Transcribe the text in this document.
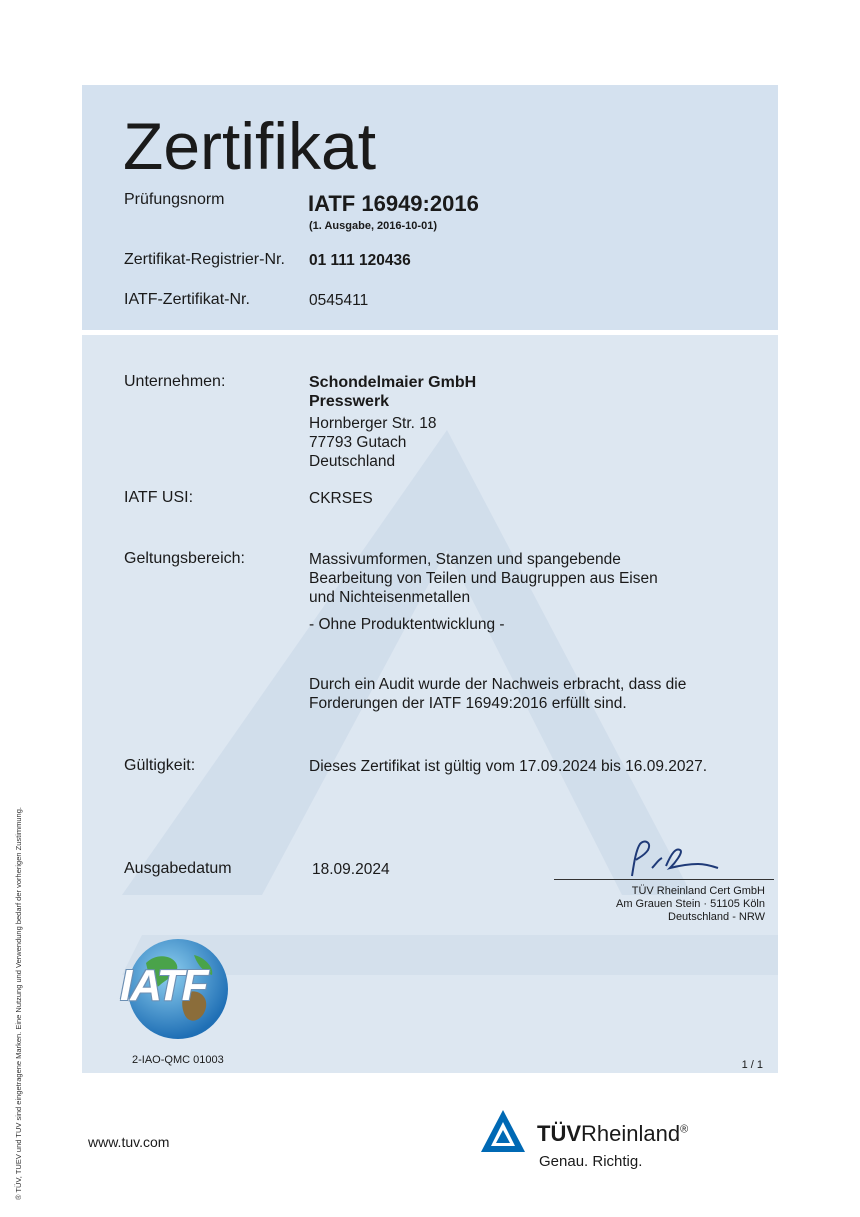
Zertifikat
Prüfungsnorm	IATF 16949:2016
(1. Ausgabe, 2016-10-01)
Zertifikat-Registrier-Nr. 01 111 120436
IATF-Zertifikat-Nr.	0545411
Unternehmen:	Schondelmaier GmbH
Presswerk
Hornberger Str. 18
77793 Gutach
Deutschland
IATF USI:	CKRSES
Geltungsbereich:	Massivumformen, Stanzen und spangebende
Bearbeitung von Teilen und Baugruppen aus Eisen
und Nichteisenmetallen
- Ohne Produktentwicklung -
Durch ein Audit wurde der Nachweis erbracht, dass die
Forderungen der IATF 16949:2016 erfüllt sind.
Gültigkeit:	Dieses Zertifikat ist gültig vom 17.09.2024 bis 16.09.2027.
Ausgabedatum	18.09.2024
TÜV Rheinland Cert GmbH
Am Grauen Stein · 51105 Köln
Deutschland - NRW
IATF
2-IAO-QMC 01003	1 / 1
www.tuv.com	TÜVRheinland®
Genau. Richtig.
® TÜV, TUEV und TUV sind eingetragene Marken. Eine Nutzung und Verwendung bedarf der vorherigen Zustimmung.
